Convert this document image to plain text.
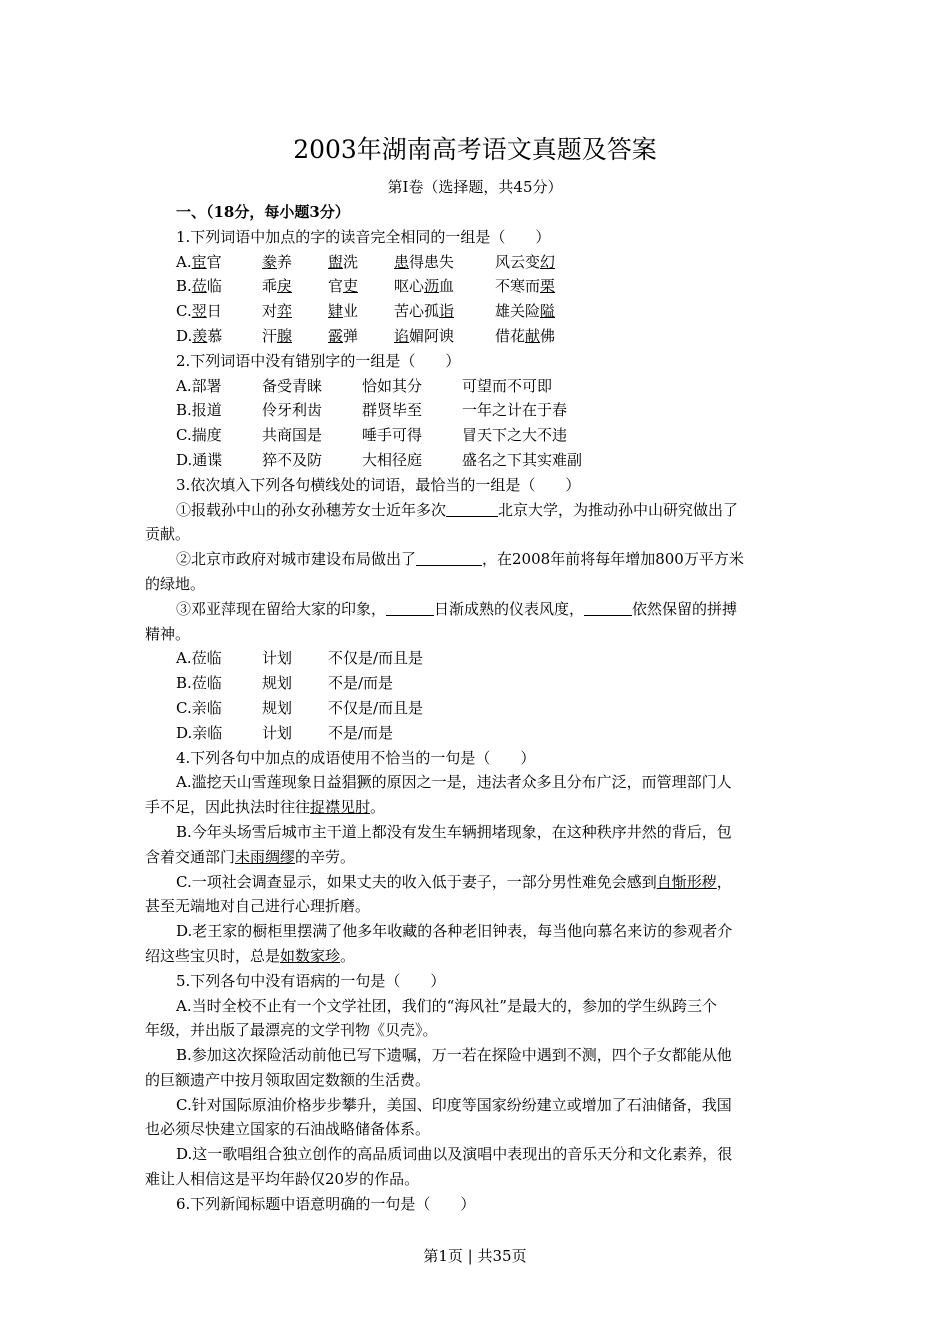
2003年湖南高考语文真题及答案
第Ⅰ卷（选择题，共45分）
一、（18分，每小题3分）
1.下列词语中加点的字的读音完全相同的一组是（　　）
A.宦官	豢养 盥洗 患得患失	风云变幻
B.莅临	乖戾 官吏 呕心沥血	不寒而栗
C.翌日	对弈 肄业 苦心孤诣	雄关险隘
D.羡慕	汗腺 霰弹 谄媚阿谀	借花献佛
2.下列词语中没有错别字的一组是（　　）
A.部署	备受青睐	恰如其分	可望而不可即
B.报道	伶牙利齿	群贤毕至	一年之计在于春
C.揣度	共商国是	唾手可得	冒天下之大不违
D.通谍	猝不及防	大相径庭	盛名之下其实难副
3.依次填入下列各句横线处的词语，最恰当的一组是（　　）
①报载孙中山的孙女孙穗芳女士近年多次	北京大学，为推动孙中山研究做出了
贡献。
②北京市政府对城市建设布局做出了	，在2008年前将每年增加800万平方米
的绿地。
③邓亚萍现在留给大家的印象，	日渐成熟的仪表风度，	依然保留的拼搏
精神。
A.莅临	计划 不仅是/而且是
B.莅临	规划 不是/而是
C.亲临	规划 不仅是/而且是
D.亲临	计划 不是/而是
4.下列各句中加点的成语使用不恰当的一句是（　　）
A.滥挖天山雪莲现象日益猖獗的原因之一是，违法者众多且分布广泛，而管理部门人
手不足，因此执法时往往捉襟见肘。
B.今年头场雪后城市主干道上都没有发生车辆拥堵现象，在这种秩序井然的背后，包
含着交通部门未雨绸缪的辛劳。
C.一项社会调查显示，如果丈夫的收入低于妻子，一部分男性难免会感到自惭形秽，
甚至无端地对自己进行心理折磨。
D.老王家的橱柜里摆满了他多年收藏的各种老旧钟表，每当他向慕名来访的参观者介
绍这些宝贝时，总是如数家珍。
5.下列各句中没有语病的一句是（　　）
A.当时全校不止有一个文学社团，我们的“海风社”是最大的，参加的学生纵跨三个
年级，并出版了最漂亮的文学刊物《贝壳》。
B.参加这次探险活动前他已写下遗嘱，万一若在探险中遇到不测，四个子女都能从他
的巨额遗产中按月领取固定数额的生活费。
C.针对国际原油价格步步攀升，美国、印度等国家纷纷建立或增加了石油储备，我国
也必须尽快建立国家的石油战略储备体系。
D.这一歌唱组合独立创作的高品质词曲以及演唱中表现出的音乐天分和文化素养，很
难让人相信这是平均年龄仅20岁的作品。
6.下列新闻标题中语意明确的一句是（　　）
第1页 | 共35页
